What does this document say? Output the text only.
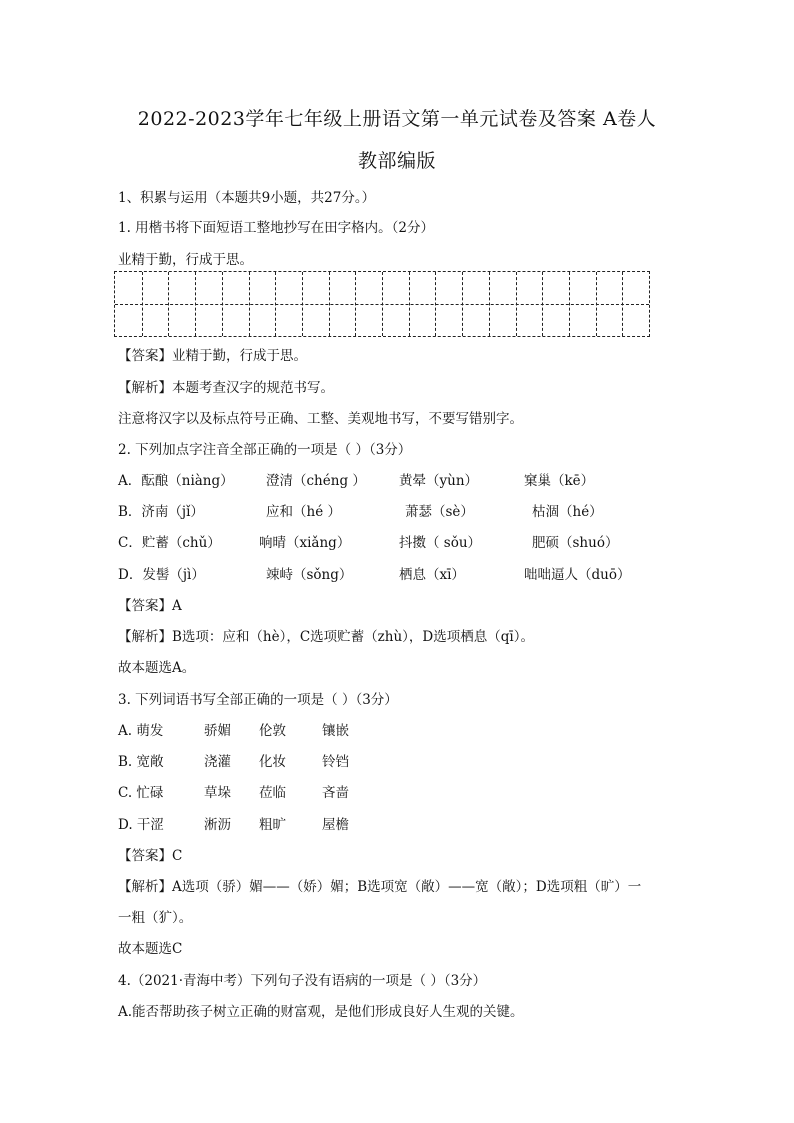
2022-2023学年七年级上册语文第一单元试卷及答案 A卷人
教部编版
1、积累与运用（本题共9小题，共27分。）
1. 用楷书将下面短语工整地抄写在田字格内。（2分）
业精于勤，行成于思。
【答案】业精于勤，行成于思。
【解析】本题考查汉字的规范书写。
注意将汉字以及标点符号正确、工整、美观地书写，不要写错别字。
2. 下列加点字注音全部正确的一项是（ ）（3分）
A．酝酿（niàng） 澄清（chéng ） 黄晕（yùn）	窠巢（kē）
B．济南（jǐ）	应和（hé ）	萧瑟（sè）	枯涸（hé）
C．贮蓄（chǔ）	响晴（xiǎng）	抖擞（ sǒu）	肥硕（shuó）
D．发髻（jì）	竦峙（sǒng）	栖息（xī）	咄咄逼人（duō）
【答案】A
【解析】B选项：应和（hè），C选项贮蓄（zhù），D选项栖息（qī）。
故本题选A。
3. 下列词语书写全部正确的一项是（ ）（3分）
A. 萌发	骄媚 伦敦	镶嵌
B. 宽敞	浇灌 化妆	铃铛
C. 忙碌	草垛 莅临	吝啬
D. 干涩	淅沥 粗旷	屋檐
【答案】C
【解析】A选项（骄）媚——（娇）媚；B选项宽（敞）——宽（敞）；D选项粗（旷）一
一粗（犷）。
故本题选C
4.（2021·青海中考）下列句子没有语病的一项是（ ）（3分）
A.能否帮助孩子树立正确的财富观，是他们形成良好人生观的关键。
